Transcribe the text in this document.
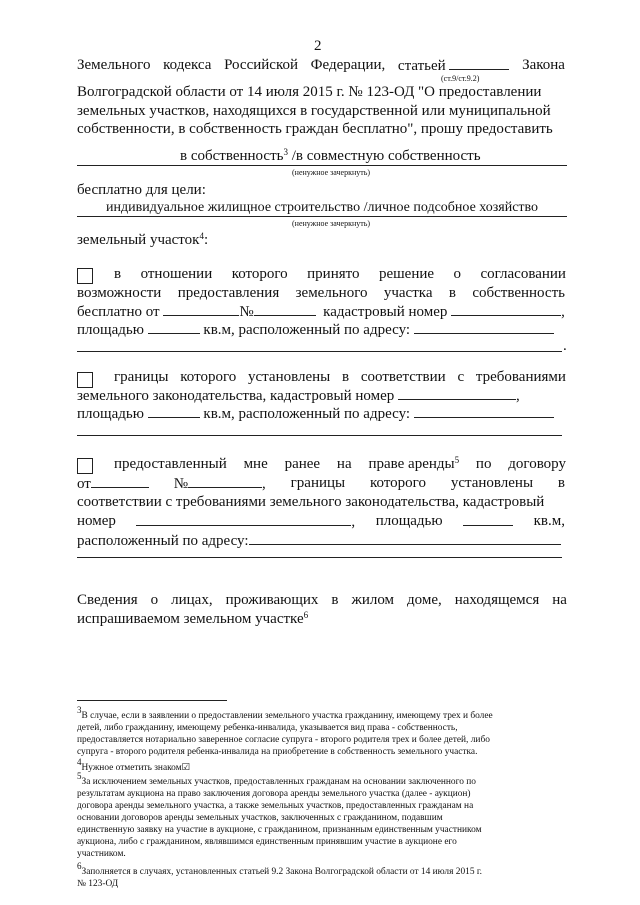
2
Земельного кодекса Российской Федерации, статьей	Закона
(ст.9/ст.9.2)
Волгоградской области от 14 июля 2015 г. № 123-ОД "О предоставлении
земельных участков, находящихся в государственной или муниципальной
собственности, в собственность граждан бесплатно", прошу предоставить
в собственность$^3$ /в совместную собственность
(ненужное зачеркнуть)
бесплатно для цели:
индивидуальное жилищное строительство /личное подсобное хозяйство
(ненужное зачеркнуть)
земельный участок$^4$:
в отношении которого принято решение о согласовании
возможности предоставления земельного участка в собственность
бесплатно от	№	кадастровый номер	,
площадью	кв.м, расположенный по адресу:
.
границы которого установлены в соответствии с требованиями
земельного законодательства, кадастровый номер	,
площадью	кв.м, расположенный по адресу:
предоставленный мне ранее на праве аренды$^5$ по договору
от	№	, границы которого установлены в
соответствии с требованиями земельного законодательства, кадастровый
номер	, площадью	кв.м,
расположенный по адресу:
Сведения о лицах, проживающих в жилом доме, находящемся на
испрашиваемом земельном участке$^6$
$^3$В случае, если в заявлении о предоставлении земельного участка гражданину, имеющему трех и более
детей, либо гражданину, имеющему ребенка-инвалида, указывается вид права - собственность,
предоставляется нотариально заверенное согласие супруга - второго родителя трех и более детей, либо
супруга - второго родителя ребенка-инвалида на приобретение в собственность земельного участка.
$^4$Нужное отметить знаком☑
$^5$За исключением земельных участков, предоставленных гражданам на основании заключенного по
результатам аукциона на право заключения договора аренды земельного участка (далее - аукцион)
договора аренды земельного участка, а также земельных участков, предоставленных гражданам на
основании договоров аренды земельных участков, заключенных с гражданином, подавшим
единственную заявку на участие в аукционе, с гражданином, признанным единственным участником
аукциона, либо с гражданином, являвшимся единственным принявшим участие в аукционе его
участником.
$^6$Заполняется в случаях, установленных статьей 9.2 Закона Волгоградской области от 14 июля 2015 г.
№ 123-ОД
